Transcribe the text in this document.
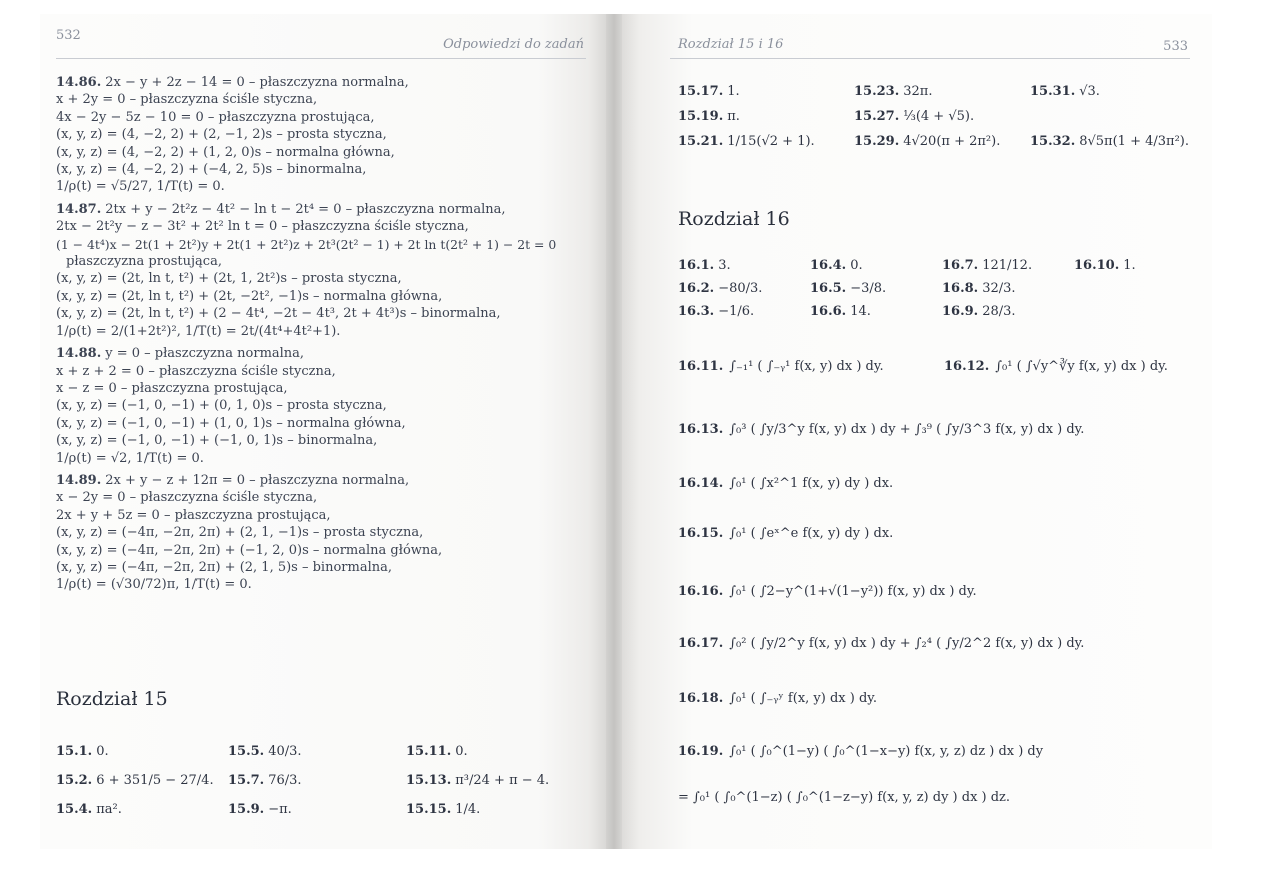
532
Odpowiedzi do zadań
14.86. 2x − y + 2z − 14 = 0 – płaszczyzna normalna,
x + 2y = 0 – płaszczyzna ściśle styczna,
4x − 2y − 5z − 10 = 0 – płaszczyzna prostująca,
(x, y, z) = (4, −2, 2) + (2, −1, 2)s – prosta styczna,
(x, y, z) = (4, −2, 2) + (1, 2, 0)s – normalna główna,
(x, y, z) = (4, −2, 2) + (−4, 2, 5)s – binormalna,
1/ρ(t) = √5/27, 1/T(t) = 0.
14.87. 2tx + y − 2t²z − 4t² − ln t − 2t⁴ = 0 – płaszczyzna normalna,
2tx − 2t²y − z − 3t² + 2t² ln t = 0 – płaszczyzna ściśle styczna,
(1 − 4t⁴)x − 2t(1 + 2t²)y + 2t(1 + 2t²)z + 2t³(2t² − 1) + 2t ln t(2t² + 1) − 2t = 0
płaszczyzna prostująca,
(x, y, z) = (2t, ln t, t²) + (2t, 1, 2t²)s – prosta styczna,
(x, y, z) = (2t, ln t, t²) + (2t, −2t², −1)s – normalna główna,
(x, y, z) = (2t, ln t, t²) + (2 − 4t⁴, −2t − 4t³, 2t + 4t³)s – binormalna,
1/ρ(t) = 2/(1+2t²)², 1/T(t) = 2t/(4t⁴+4t²+1).
14.88. y = 0 – płaszczyzna normalna,
x + z + 2 = 0 – płaszczyzna ściśle styczna,
x − z = 0 – płaszczyzna prostująca,
(x, y, z) = (−1, 0, −1) + (0, 1, 0)s – prosta styczna,
(x, y, z) = (−1, 0, −1) + (1, 0, 1)s – normalna główna,
(x, y, z) = (−1, 0, −1) + (−1, 0, 1)s – binormalna,
1/ρ(t) = √2, 1/T(t) = 0.
14.89. 2x + y − z + 12π = 0 – płaszczyzna normalna,
x − 2y = 0 – płaszczyzna ściśle styczna,
2x + y + 5z = 0 – płaszczyzna prostująca,
(x, y, z) = (−4π, −2π, 2π) + (2, 1, −1)s – prosta styczna,
(x, y, z) = (−4π, −2π, 2π) + (−1, 2, 0)s – normalna główna,
(x, y, z) = (−4π, −2π, 2π) + (2, 1, 5)s – binormalna,
1/ρ(t) = (√30/72)π, 1/T(t) = 0.
Rozdział 15
15.1. 0.	15.5. 40/3.	15.11. 0.
15.2. 6 + 351/5 − 27/4.	15.7. 76/3.	15.13. π³/24 + π − 4.
15.4. πa².	15.9. −π.	15.15. 1/4.
Rozdział 15 i 16	533
15.17. 1.	15.23. 32π.	15.31. √3.
15.19. π.	15.27. ⅓(4 + √5).
15.21. 1/15(√2 + 1).	15.29. 4√20(π + 2π²).	15.32. 8√5π(1 + 4/3π²).
Rozdział 16
16.1. 3.	16.4. 0.	16.7. 121/12.	16.10. 1.
16.2. −80/3.	16.5. −3/8.	16.8. 32/3.
16.3. −1/6.	16.6. 14.	16.9. 28/3.
16.11. ∫₋₁¹ ( ∫₋ᵧ¹ f(x, y) dx ) dy.	16.12. ∫₀¹ ( ∫√y^∛y f(x, y) dx ) dy.
16.13. ∫₀³ ( ∫y/3^y f(x, y) dx ) dy + ∫₃⁹ ( ∫y/3^3 f(x, y) dx ) dy.
16.14. ∫₀¹ ( ∫x²^1 f(x, y) dy ) dx.
16.15. ∫₀¹ ( ∫eˣ^e f(x, y) dy ) dx.
16.16. ∫₀¹ ( ∫2−y^(1+√(1−y²)) f(x, y) dx ) dy.
16.17. ∫₀² ( ∫y/2^y f(x, y) dx ) dy + ∫₂⁴ ( ∫y/2^2 f(x, y) dx ) dy.
16.18. ∫₀¹ ( ∫₋ᵧʸ f(x, y) dx ) dy.
16.19. ∫₀¹ ( ∫₀^(1−y) ( ∫₀^(1−x−y) f(x, y, z) dz ) dx ) dy
= ∫₀¹ ( ∫₀^(1−z) ( ∫₀^(1−z−y) f(x, y, z) dy ) dx ) dz.
